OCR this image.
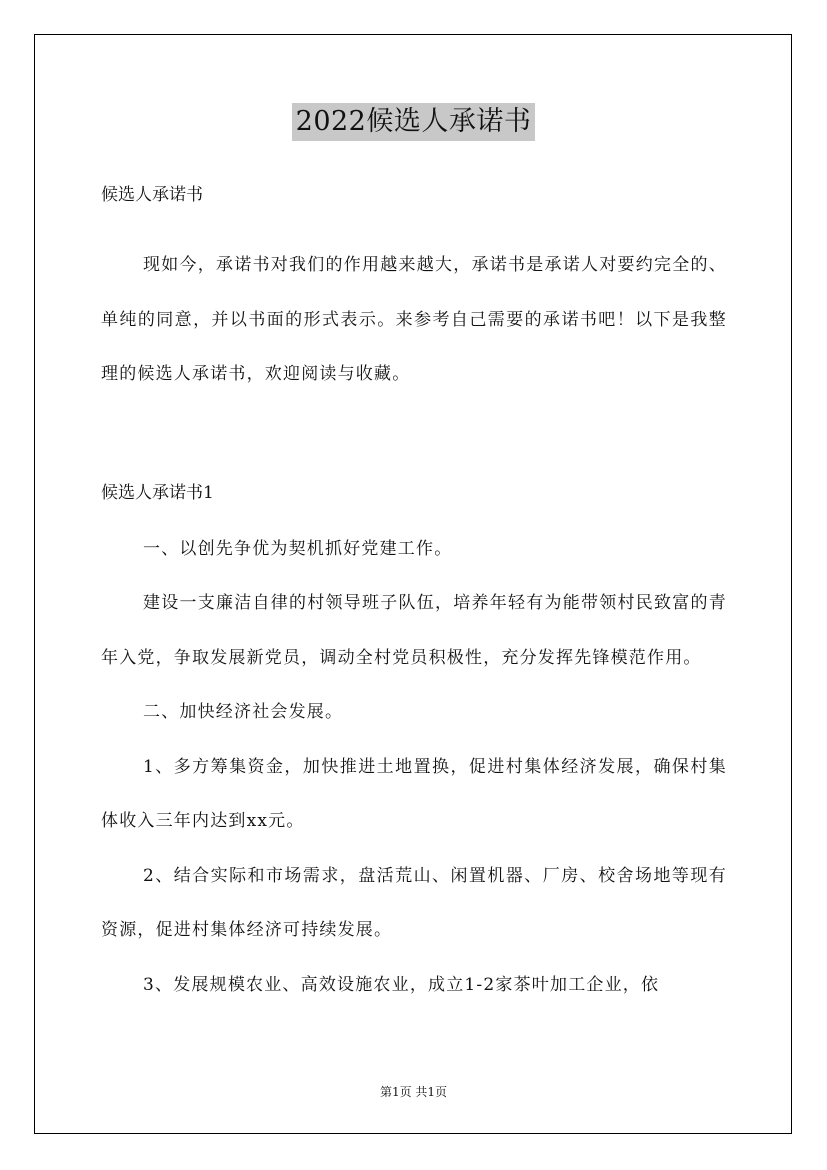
2022候选人承诺书
候选人承诺书
现如今，承诺书对我们的作用越来越大，承诺书是承诺人对要约完全的、单纯的同意，并以书面的形式表示。来参考自己需要的承诺书吧！以下是我整理的候选人承诺书，欢迎阅读与收藏。
候选人承诺书1
一、以创先争优为契机抓好党建工作。
建设一支廉洁自律的村领导班子队伍，培养年轻有为能带领村民致富的青年入党，争取发展新党员，调动全村党员积极性，充分发挥先锋模范作用。
二、加快经济社会发展。
1、多方筹集资金，加快推进土地置换，促进村集体经济发展，确保村集体收入三年内达到xx元。
2、结合实际和市场需求，盘活荒山、闲置机器、厂房、校舍场地等现有资源，促进村集体经济可持续发展。
3、发展规模农业、高效设施农业，成立1-2家茶叶加工企业，依
第1页 共1页
